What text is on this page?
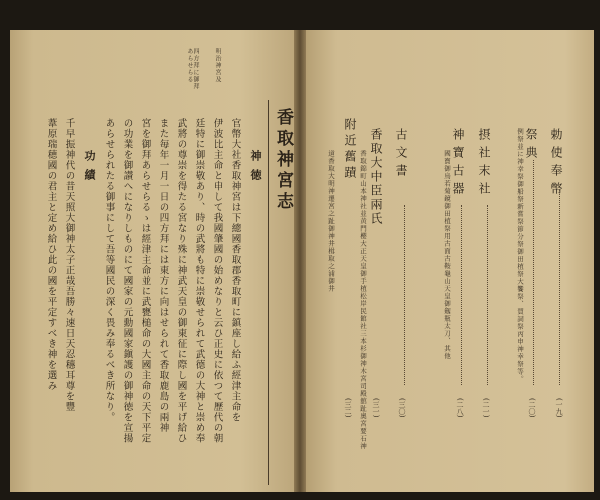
勅使奉幣
(一九)
祭典
例祭並に神幸祭御船祭新嘗祭節分祭御田植祭大饗祭、賀詞祭丙申神幸祭等。
(二〇)
摂社末社
(二一)
神寶古器
國寶御鳥若菊鏡御田植祭用古面古鞍龜山天皇御劔瓶太刀、其他
(二八)
古文書
(三〇)
香取大中臣兩氏
香取錦町山本神社並黄門櫻大正天皇御手植松岸民館社三本杉御神木宮司殿舘趾奧宮要石神 (三一)
附近舊蹟
道香取大明神遷宮之趾御神井楫取之浦御井
(三二)
明治神宮及
四方拜に御拜あらせらる
香取神宮志
神徳
官幣大社香取神宮は下總國香取郡香取町に鎮座し給ふ經津主命を
伊波比主命と申して我國肇國の始めなりと云ひ正史に依つて歷代の朝
廷特に御崇敬あり、時の武將も特に崇敬せられて武德の大神と崇め奉
武將の尊崇を得たる宮なり殊に神武天皇の御東征に際し國を平げ給ひ
また毎年一月一日の四方拜には東方に向はせられて香取鹿島の兩神
宮を御拜あらせらるゝは經津主命並に武甕槌命の大國主命の天下平定
の功業を御讃へになりしものにて國家の元勳國家鎭護の御神徳を宣揚
あらせられたる御事にして吾等國民の深く畏み奉るべき所なり。
功績
千早振神代の昔天照大御神太子正哉吾勝々速日天忍穗耳尊を豐
葦原瑞穂國の君主と定め給ひ此の國を平定すべき神を選み
